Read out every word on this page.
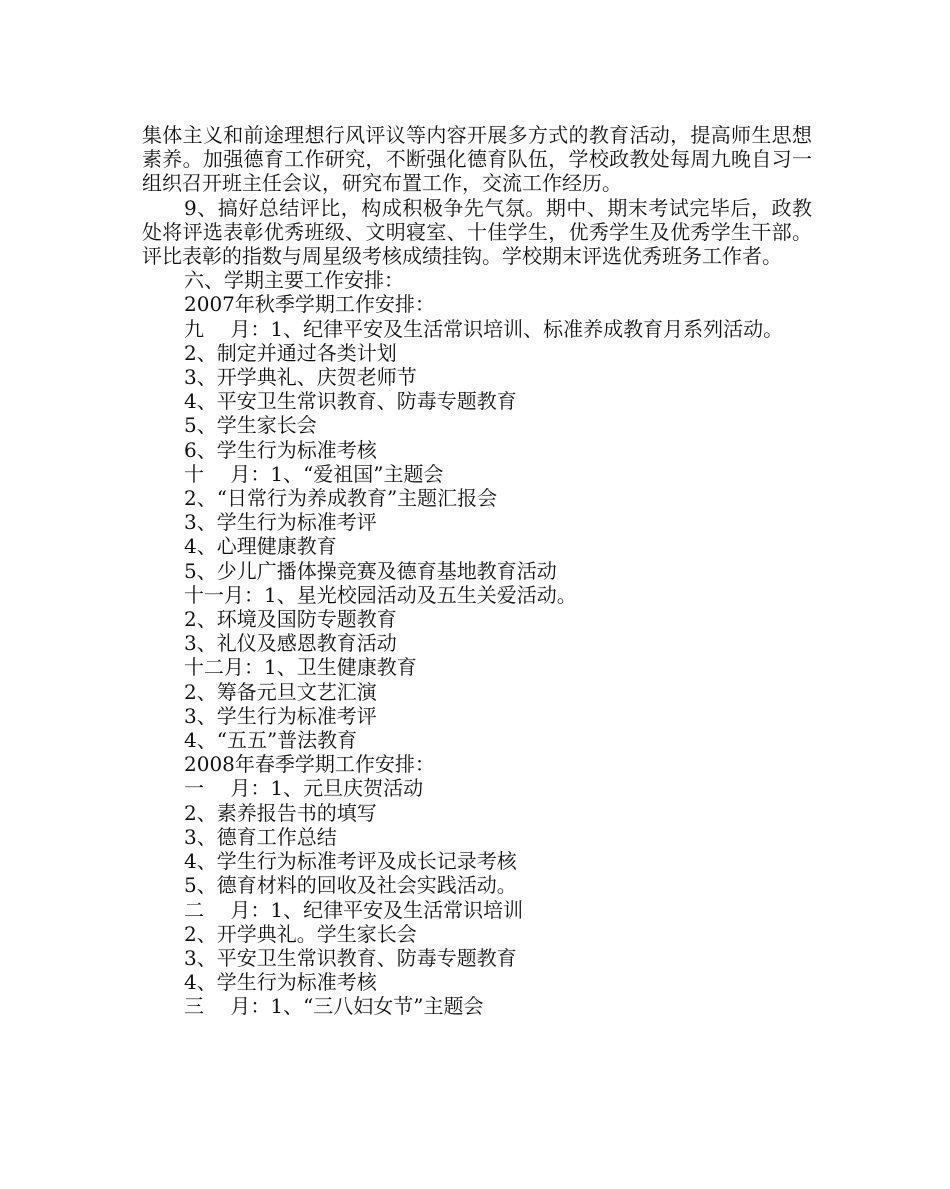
集体主义和前途理想行风评议等内容开展多方式的教育活动，提高师生思想素养。加强德育工作研究，不断强化德育队伍，学校政教处每周九晚自习一组织召开班主任会议，研究布置工作，交流工作经历。

9、搞好总结评比，构成积极争先气氛。期中、期末考试完毕后，政教处将评选表彰优秀班级、文明寝室、十佳学生，优秀学生及优秀学生干部。评比表彰的指数与周星级考核成绩挂钩。学校期末评选优秀班务工作者。

六、学期主要工作安排：

2007年秋季学期工作安排：

九　 月：1、纪律平安及生活常识培训、标准养成教育月系列活动。

2、制定并通过各类计划

3、开学典礼、庆贺老师节

4、平安卫生常识教育、防毒专题教育

5、学生家长会

6、学生行为标准考核

十　 月：1、“爱祖国”主题会

2、“日常行为养成教育”主题汇报会

3、学生行为标准考评

4、心理健康教育

5、少儿广播体操竞赛及德育基地教育活动

十一月：1、星光校园活动及五生关爱活动。

2、环境及国防专题教育

3、礼仪及感恩教育活动

十二月：1、卫生健康教育

2、筹备元旦文艺汇演

3、学生行为标准考评

4、“五五”普法教育

2008年春季学期工作安排：

一　 月：1、元旦庆贺活动

2、素养报告书的填写

3、德育工作总结

4、学生行为标准考评及成长记录考核

5、德育材料的回收及社会实践活动。

二　 月：1、纪律平安及生活常识培训

2、开学典礼。学生家长会

3、平安卫生常识教育、防毒专题教育

4、学生行为标准考核

三　 月：1、“三八妇女节”主题会
